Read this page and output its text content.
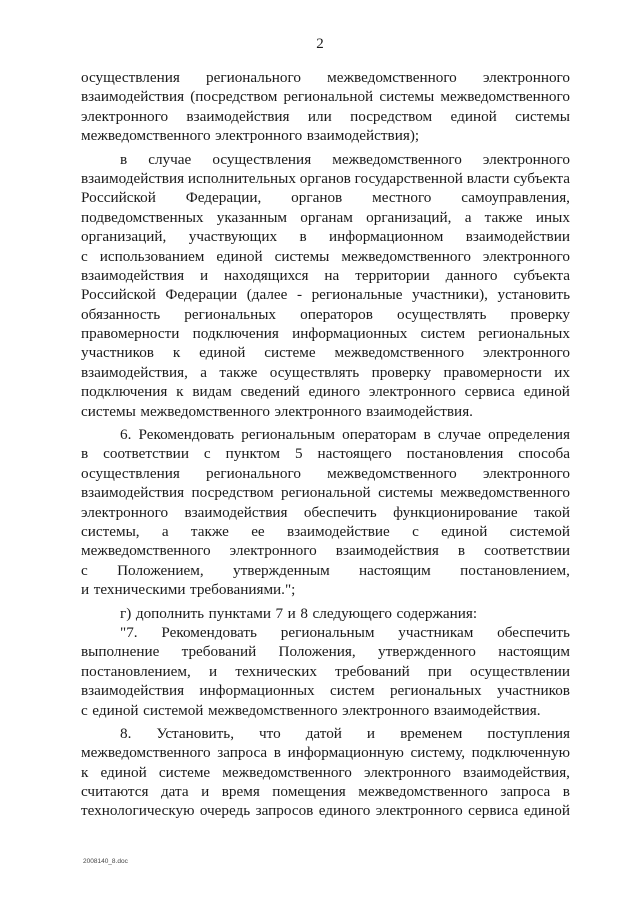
2
осуществления регионального межведомственного электронного
взаимодействия (посредством региональной системы межведомственного
электронного взаимодействия или посредством единой системы
межведомственного электронного взаимодействия);
в случае осуществления межведомственного электронного
взаимодействия исполнительных органов государственной власти субъекта
Российской Федерации, органов местного самоуправления,
подведомственных указанным органам организаций, а также иных
организаций, участвующих в информационном взаимодействии
с использованием единой системы межведомственного электронного
взаимодействия и находящихся на территории данного субъекта
Российской Федерации (далее - региональные участники), установить
обязанность региональных операторов осуществлять проверку
правомерности подключения информационных систем региональных
участников к единой системе межведомственного электронного
взаимодействия, а также осуществлять проверку правомерности их
подключения к видам сведений единого электронного сервиса единой
системы межведомственного электронного взаимодействия.
6. Рекомендовать региональным операторам в случае определения
в соответствии с пунктом 5 настоящего постановления способа
осуществления регионального межведомственного электронного
взаимодействия посредством региональной системы межведомственного
электронного взаимодействия обеспечить функционирование такой
системы, а также ее взаимодействие с единой системой
межведомственного электронного взаимодействия в соответствии
с Положением, утвержденным настоящим постановлением,
и техническими требованиями.";
г) дополнить пунктами 7 и 8 следующего содержания:
"7. Рекомендовать региональным участникам обеспечить
выполнение требований Положения, утвержденного настоящим
постановлением, и технических требований при осуществлении
взаимодействия информационных систем региональных участников
с единой системой межведомственного электронного взаимодействия.
8. Установить, что датой и временем поступления
межведомственного запроса в информационную систему, подключенную
к единой системе межведомственного электронного взаимодействия,
считаются дата и время помещения межведомственного запроса в
технологическую очередь запросов единого электронного сервиса единой
2008140_8.doc
